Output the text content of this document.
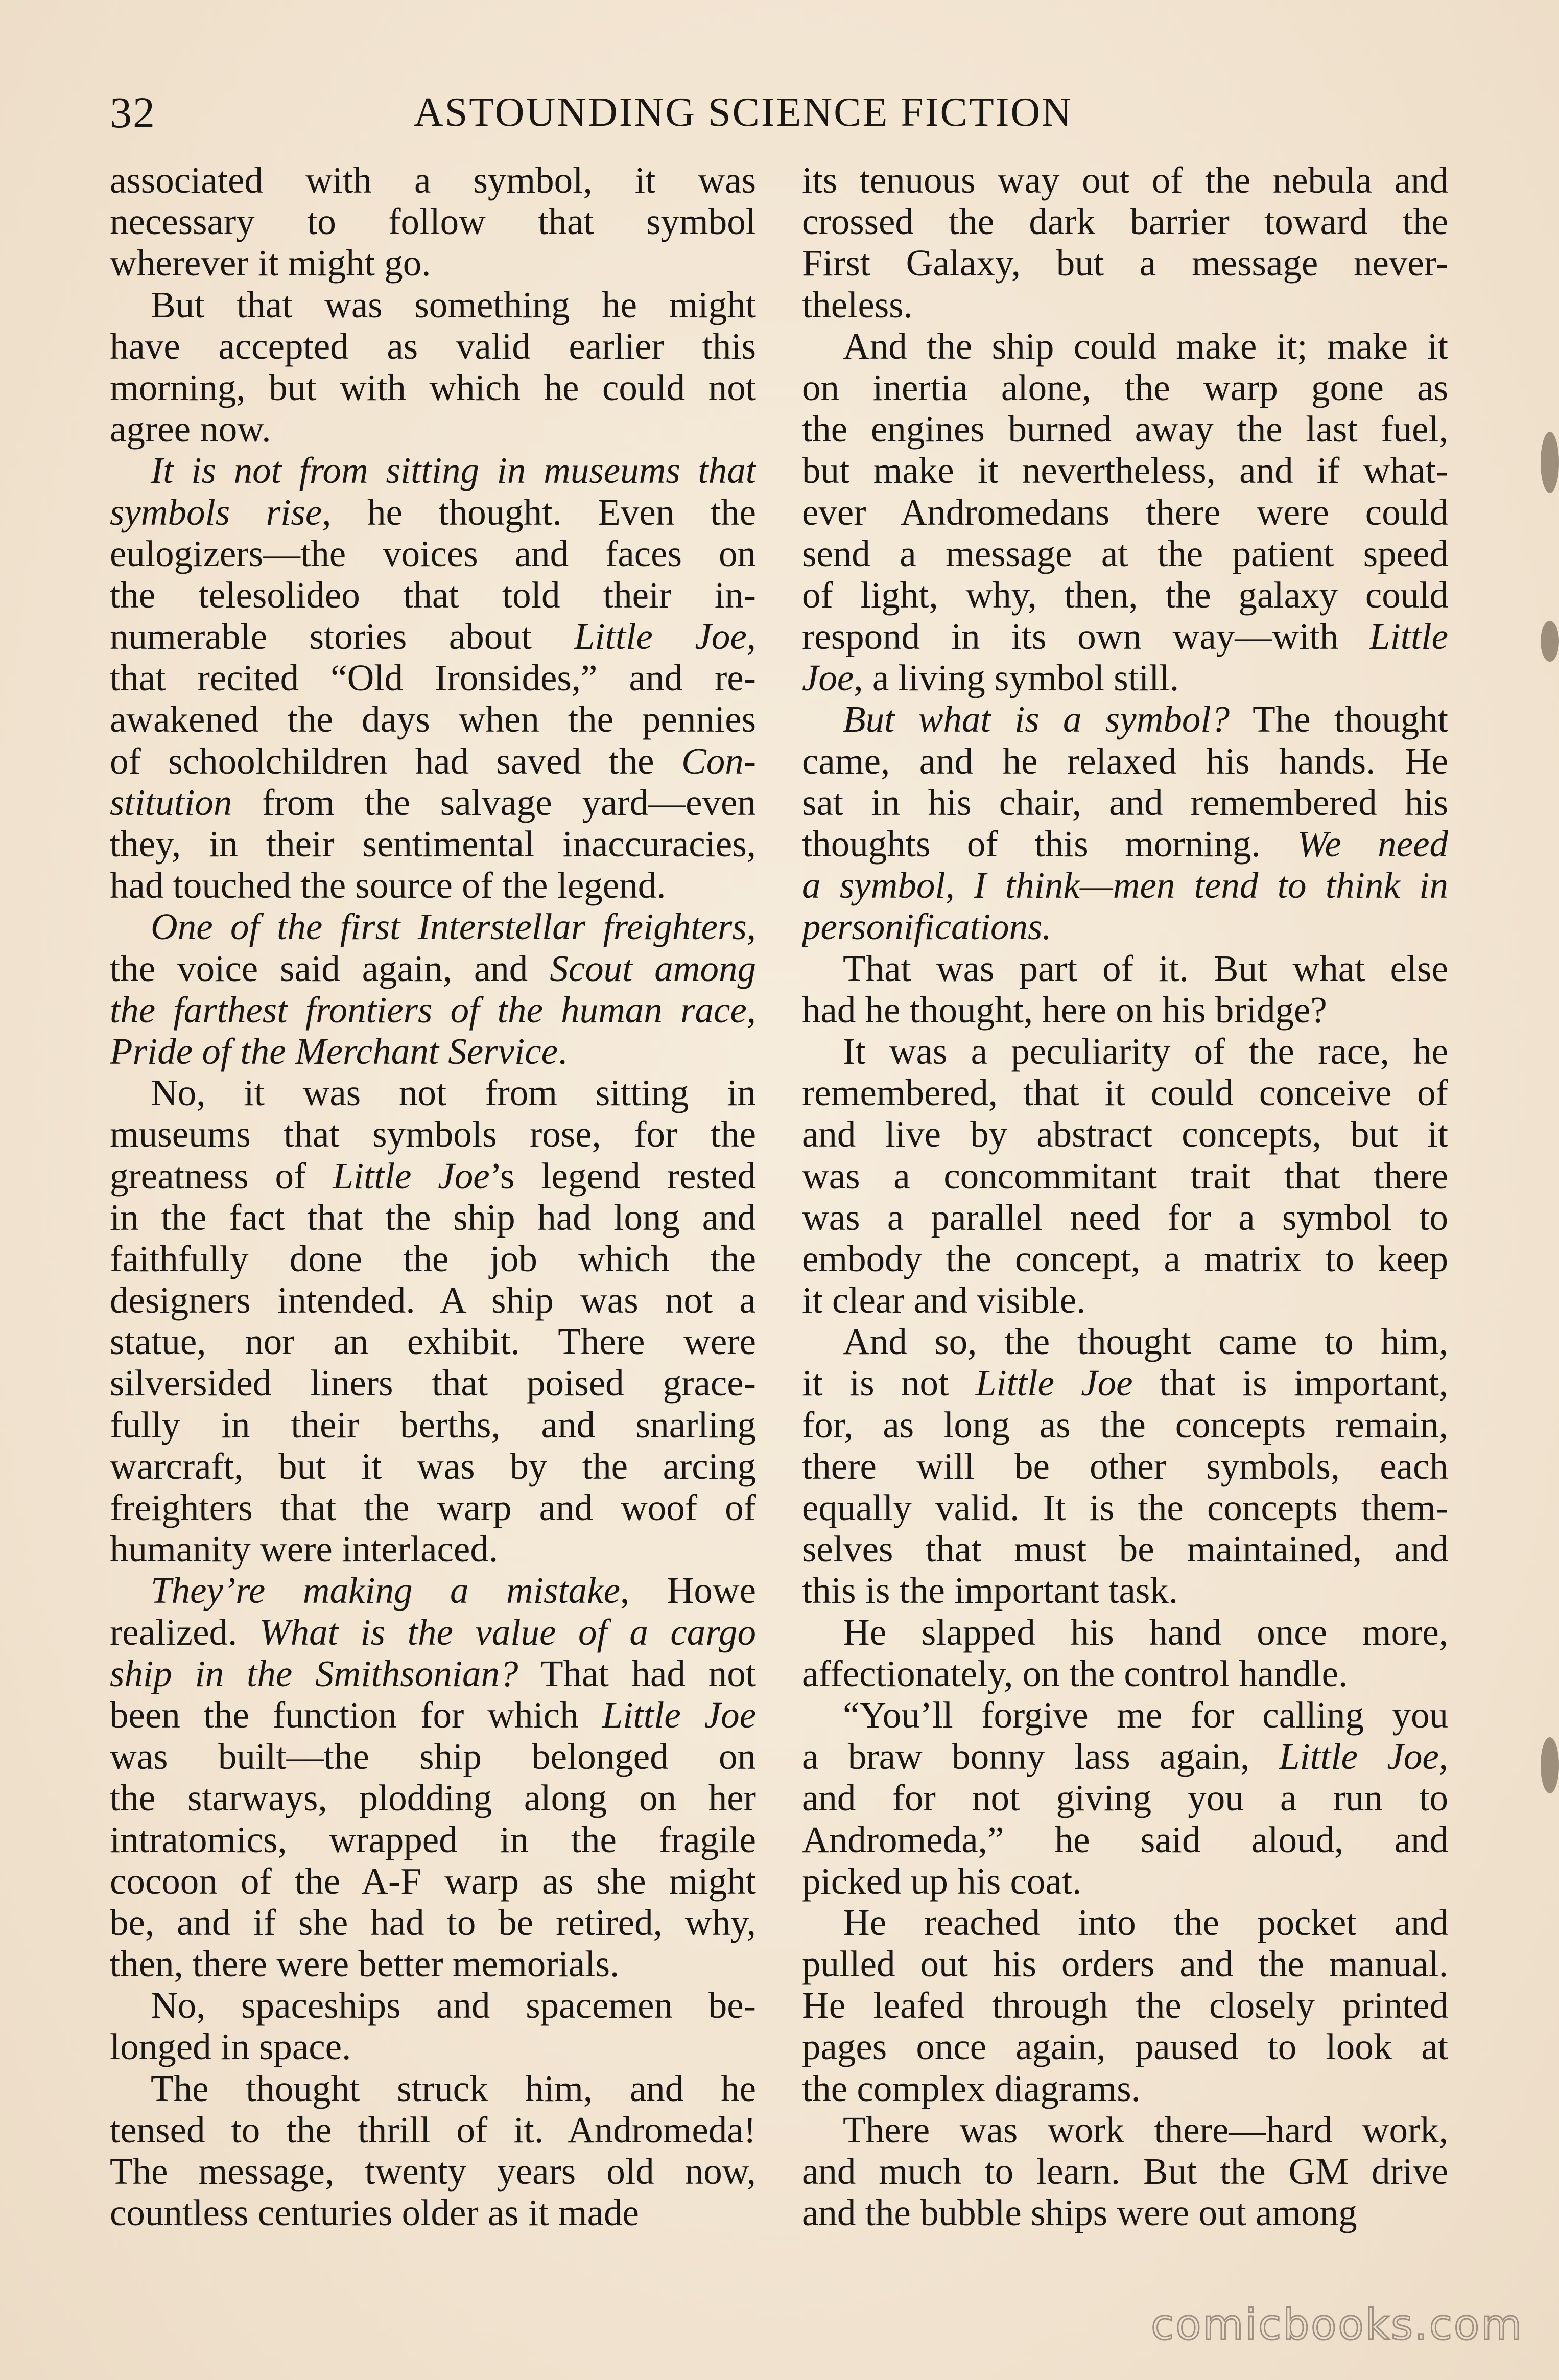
32	ASTOUNDING SCIENCE FICTION
associated with a symbol, it was
necessary to follow that symbol
wherever it might go.
But that was something he might
have accepted as valid earlier this
morning, but with which he could not
agree now.
It is not from sitting in museums that
symbols rise, he thought. Even the
eulogizers—the voices and faces on
the telesolideo that told their in-
numerable stories about Little Joe,
that recited “Old Ironsides,” and re-
awakened the days when the pennies
of schoolchildren had saved the Con-
stitution from the salvage yard—even
they, in their sentimental inaccuracies,
had touched the source of the legend.
One of the first Interstellar freighters,
the voice said again, and Scout among
the farthest frontiers of the human race,
Pride of the Merchant Service.
No, it was not from sitting in
museums that symbols rose, for the
greatness of Little Joe’s legend rested
in the fact that the ship had long and
faithfully done the job which the
designers intended. A ship was not a
statue, nor an exhibit. There were
silversided liners that poised grace-
fully in their berths, and snarling
warcraft, but it was by the arcing
freighters that the warp and woof of
humanity were interlaced.
They’re making a mistake, Howe
realized. What is the value of a cargo
ship in the Smithsonian? That had not
been the function for which Little Joe
was built—the ship belonged on
the starways, plodding along on her
intratomics, wrapped in the fragile
cocoon of the A-F warp as she might
be, and if she had to be retired, why,
then, there were better memorials.
No, spaceships and spacemen be-
longed in space.
The thought struck him, and he
tensed to the thrill of it. Andromeda!
The message, twenty years old now,
countless centuries older as it made
its tenuous way out of the nebula and
crossed the dark barrier toward the
First Galaxy, but a message never-
theless.
And the ship could make it; make it
on inertia alone, the warp gone as
the engines burned away the last fuel,
but make it nevertheless, and if what-
ever Andromedans there were could
send a message at the patient speed
of light, why, then, the galaxy could
respond in its own way—with Little
Joe, a living symbol still.
But what is a symbol? The thought
came, and he relaxed his hands. He
sat in his chair, and remembered his
thoughts of this morning. We need
a symbol, I think—men tend to think in
personifications.
That was part of it. But what else
had he thought, here on his bridge?
It was a peculiarity of the race, he
remembered, that it could conceive of
and live by abstract concepts, but it
was a concommitant trait that there
was a parallel need for a symbol to
embody the concept, a matrix to keep
it clear and visible.
And so, the thought came to him,
it is not Little Joe that is important,
for, as long as the concepts remain,
there will be other symbols, each
equally valid. It is the concepts them-
selves that must be maintained, and
this is the important task.
He slapped his hand once more,
affectionately, on the control handle.
“You’ll forgive me for calling you
a braw bonny lass again, Little Joe,
and for not giving you a run to
Andromeda,” he said aloud, and
picked up his coat.
He reached into the pocket and
pulled out his orders and the manual.
He leafed through the closely printed
pages once again, paused to look at
the complex diagrams.
There was work there—hard work,
and much to learn. But the GM drive
and the bubble ships were out among
comicbooks.com
